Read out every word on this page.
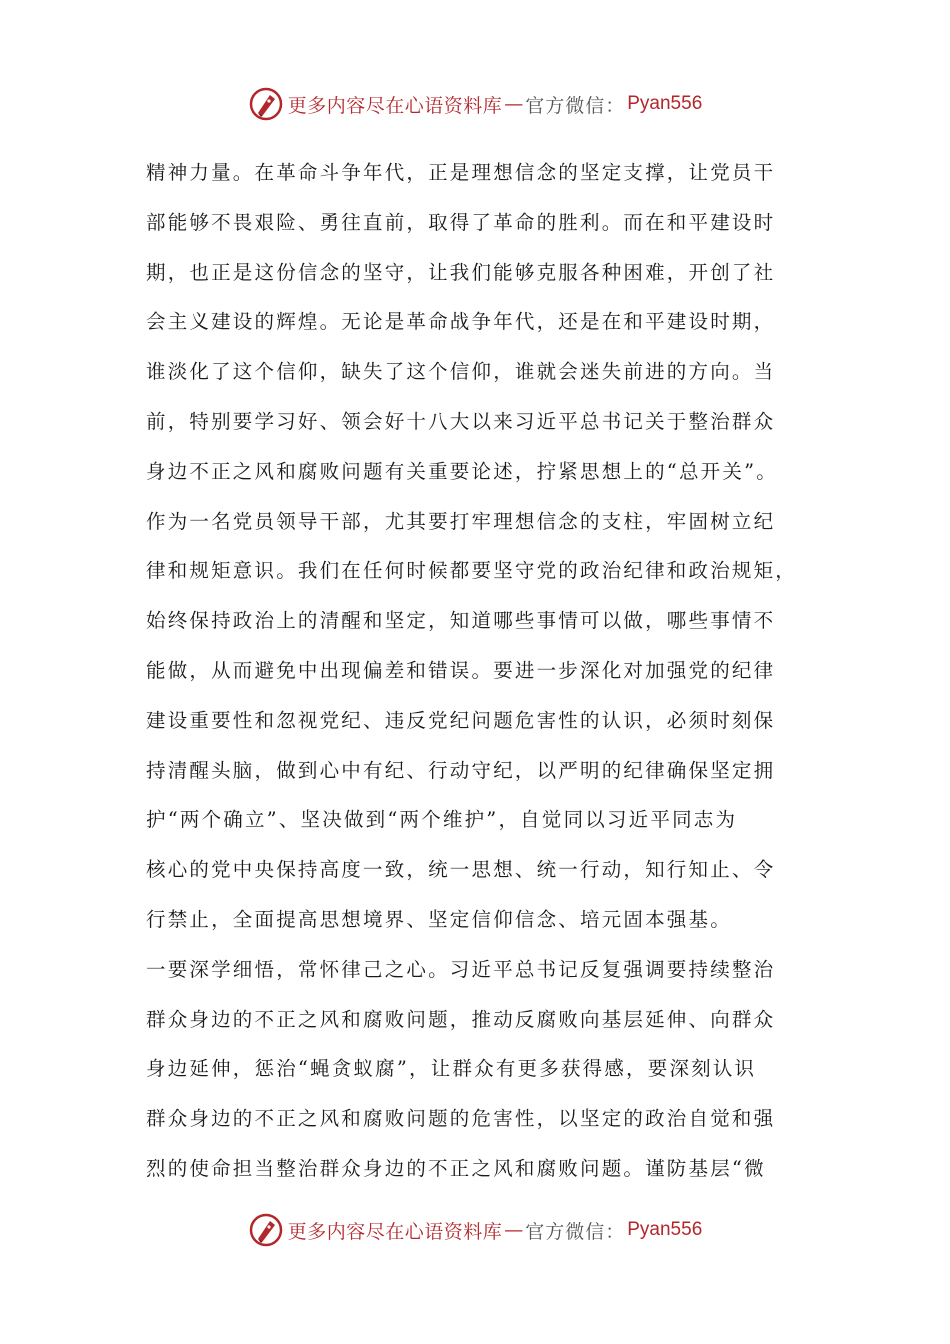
更多内容尽在心语资料库 — 官方微信： Pyan556
精神力量。在革命斗争年代，正是理想信念的坚定支撑，让党员干
部能够不畏艰险、勇往直前，取得了革命的胜利。而在和平建设时
期，也正是这份信念的坚守，让我们能够克服各种困难，开创了社
会主义建设的辉煌。无论是革命战争年代，还是在和平建设时期，
谁淡化了这个信仰，缺失了这个信仰，谁就会迷失前进的方向。当
前，特别要学习好、领会好十八大以来习近平总书记关于整治群众
身边不正之风和腐败问题有关重要论述，拧紧思想上的“总开关”。
作为一名党员领导干部，尤其要打牢理想信念的支柱，牢固树立纪
律和规矩意识。我们在任何时候都要坚守党的政治纪律和政治规矩，
始终保持政治上的清醒和坚定，知道哪些事情可以做，哪些事情不
能做，从而避免中出现偏差和错误。要进一步深化对加强党的纪律
建设重要性和忽视党纪、违反党纪问题危害性的认识，必须时刻保
持清醒头脑，做到心中有纪、行动守纪，以严明的纪律确保坚定拥
护“两个确立”、坚决做到“两个维护”，自觉同以习近平同志为
核心的党中央保持高度一致，统一思想、统一行动，知行知止、令
行禁止，全面提高思想境界、坚定信仰信念、培元固本强基。
一要深学细悟，常怀律己之心。习近平总书记反复强调要持续整治
群众身边的不正之风和腐败问题，推动反腐败向基层延伸、向群众
身边延伸，惩治“蝇贪蚁腐”，让群众有更多获得感，要深刻认识
群众身边的不正之风和腐败问题的危害性，以坚定的政治自觉和强
烈的使命担当整治群众身边的不正之风和腐败问题。谨防基层“微
更多内容尽在心语资料库 — 官方微信： Pyan556
